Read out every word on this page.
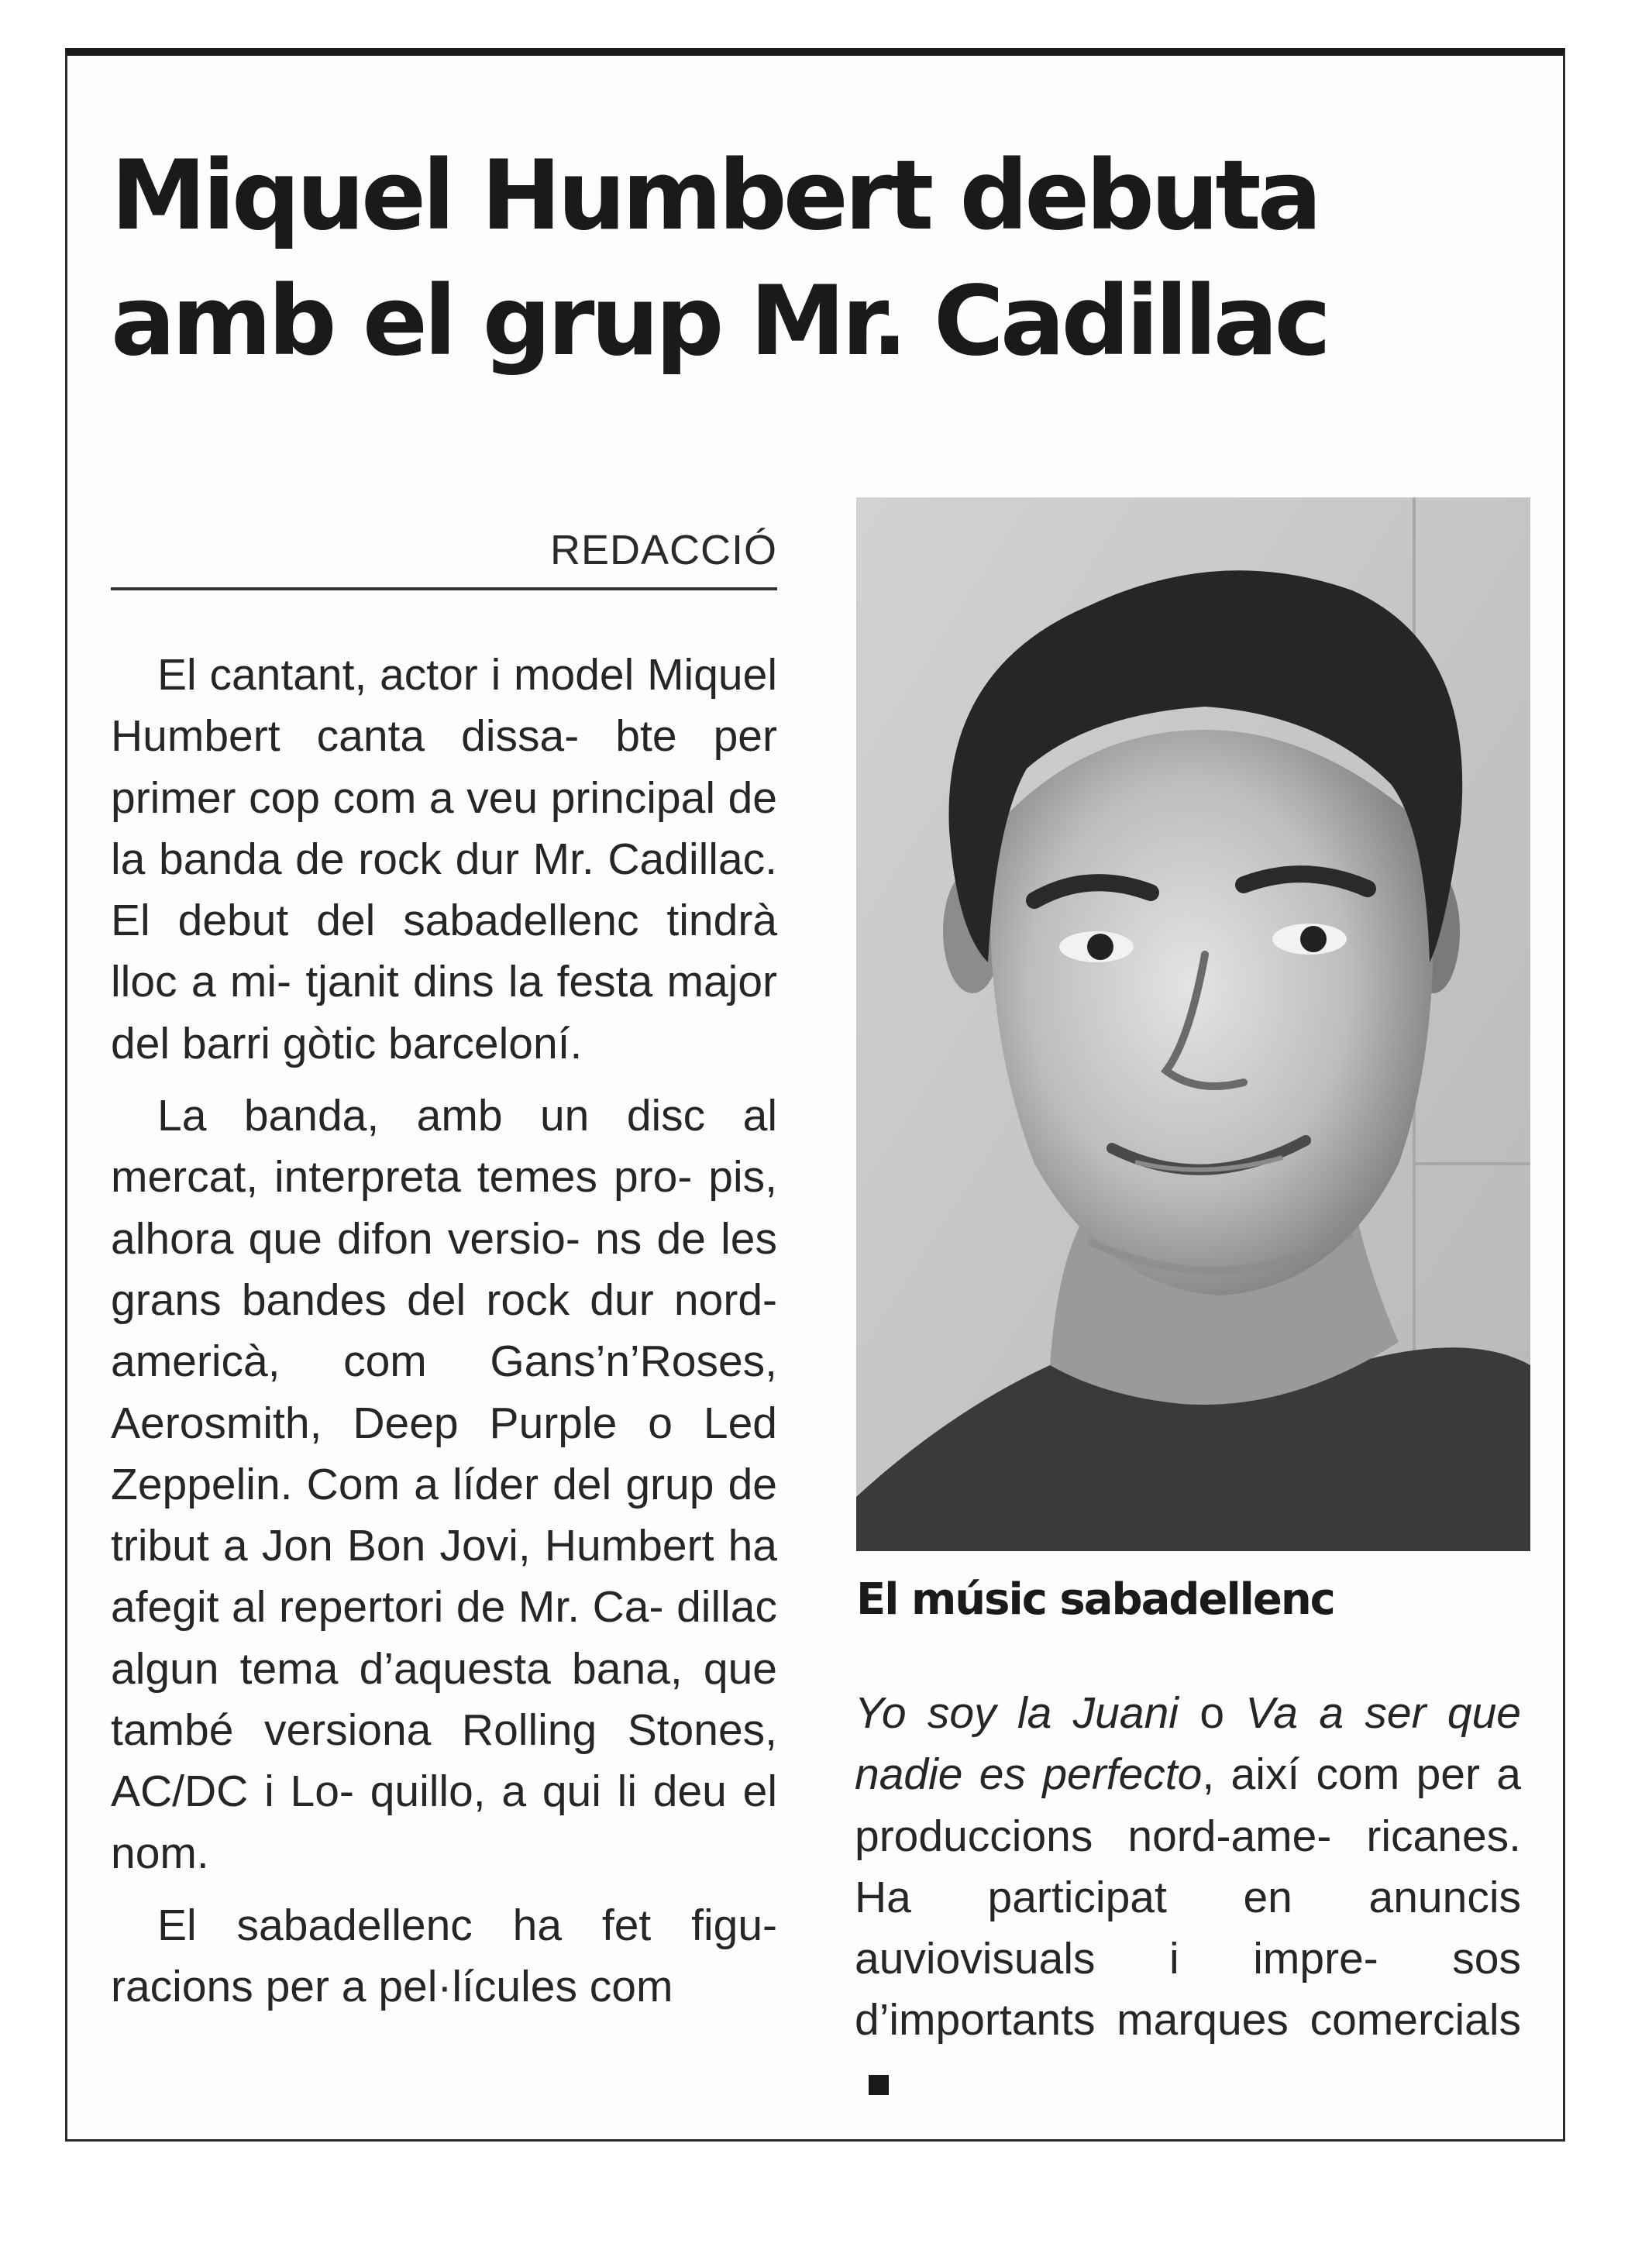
Miquel Humbert debuta
amb el grup Mr. Cadillac
REDACCIÓ

El cantant, actor i model Miquel Humbert canta dissa- bte per primer cop com a veu principal de la banda de rock dur Mr. Cadillac. El debut del sabadellenc tindrà lloc a mi- tjanit dins la festa major del barri gòtic barceloní.

La banda, amb un disc al mercat, interpreta temes pro- pis, alhora que difon versio- ns de les grans bandes del rock dur nord-americà, com Gans’n’Roses, Aerosmith, Deep Purple o Led Zeppelin. Com a líder del grup de tribut a Jon Bon Jovi, Humbert ha afegit al repertori de Mr. Ca- dillac algun tema d’aquesta bana, que també versiona Rolling Stones, AC/DC i Lo- quillo, a qui li deu el nom.

El sabadellenc ha fet figu- racions per a pel·lícules com

El músic sabadellenc

Yo soy la Juani o Va a ser que nadie es perfecto, així com per a produccions nord-ame- ricanes. Ha participat en anuncis auviovisuals i impre- sos d’importants marques comercials
